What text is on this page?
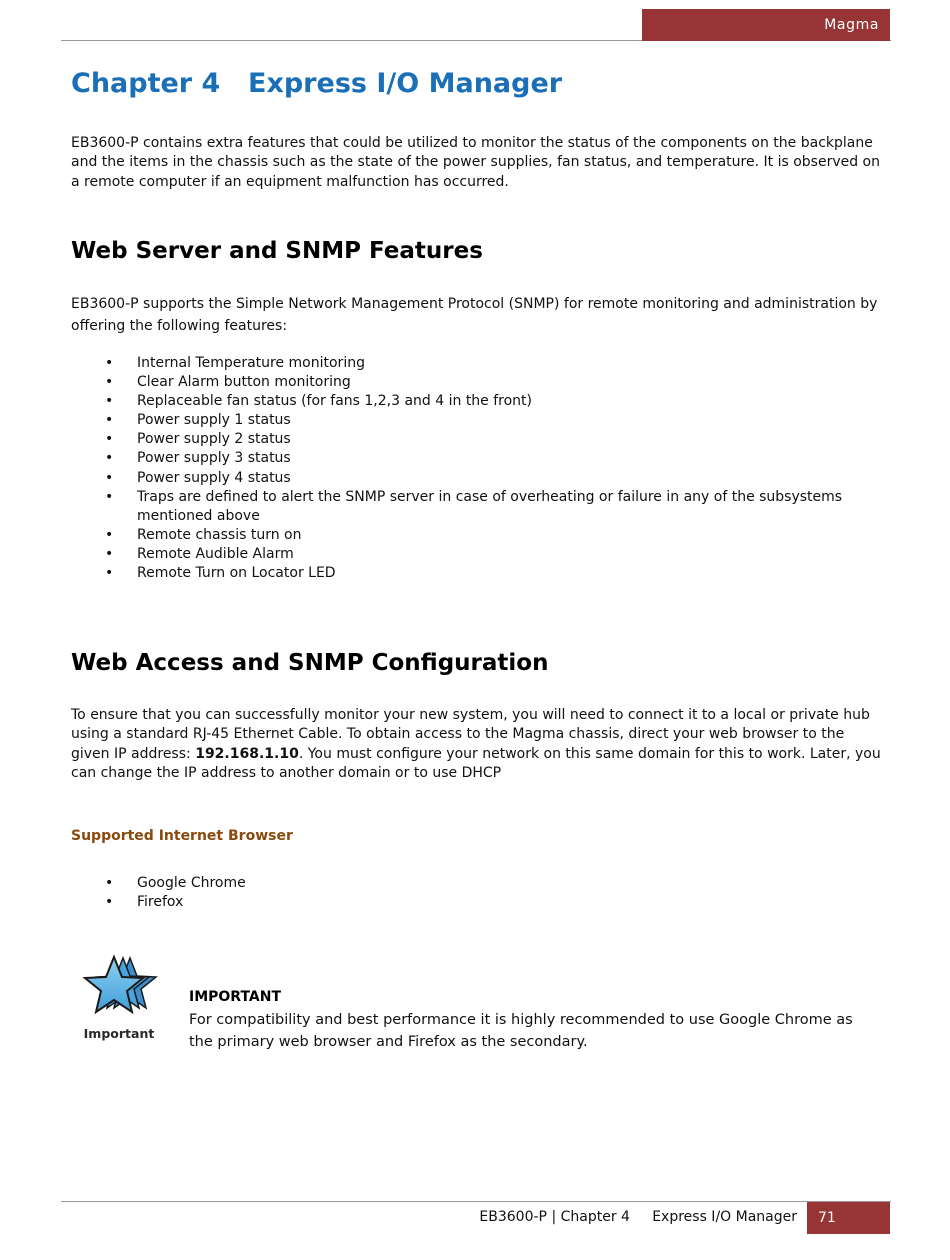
Magma
Chapter 4 Express I/O Manager

EB3600-P contains extra features that could be utilized to monitor the status of the components on the backplane and the items in the chassis such as the state of the power supplies, fan status, and temperature. It is observed on a remote computer if an equipment malfunction has occurred.

Web Server and SNMP Features

EB3600-P supports the Simple Network Management Protocol (SNMP) for remote monitoring and administration by offering the following features:

• Internal Temperature monitoring
• Clear Alarm button monitoring
• Replaceable fan status (for fans 1,2,3 and 4 in the front)
• Power supply 1 status
• Power supply 2 status
• Power supply 3 status
• Power supply 4 status
• Traps are defined to alert the SNMP server in case of overheating or failure in any of the subsystems mentioned above
• Remote chassis turn on
• Remote Audible Alarm
• Remote Turn on Locator LED
Web Access and SNMP Configuration

To ensure that you can successfully monitor your new system, you will need to connect it to a local or private hub using a standard RJ-45 Ethernet Cable. To obtain access to the Magma chassis, direct your web browser to the given IP address: 192.168.1.10. You must configure your network on this same domain for this to work. Later, you can change the IP address to another domain or to use DHCP

Supported Internet Browser

• Google Chrome
• Firefox
Important

IMPORTANT

For compatibility and best performance it is highly recommended to use Google Chrome as the primary web browser and Firefox as the secondary.

EB3600-P | Chapter 4     Express I/O Manager 71
